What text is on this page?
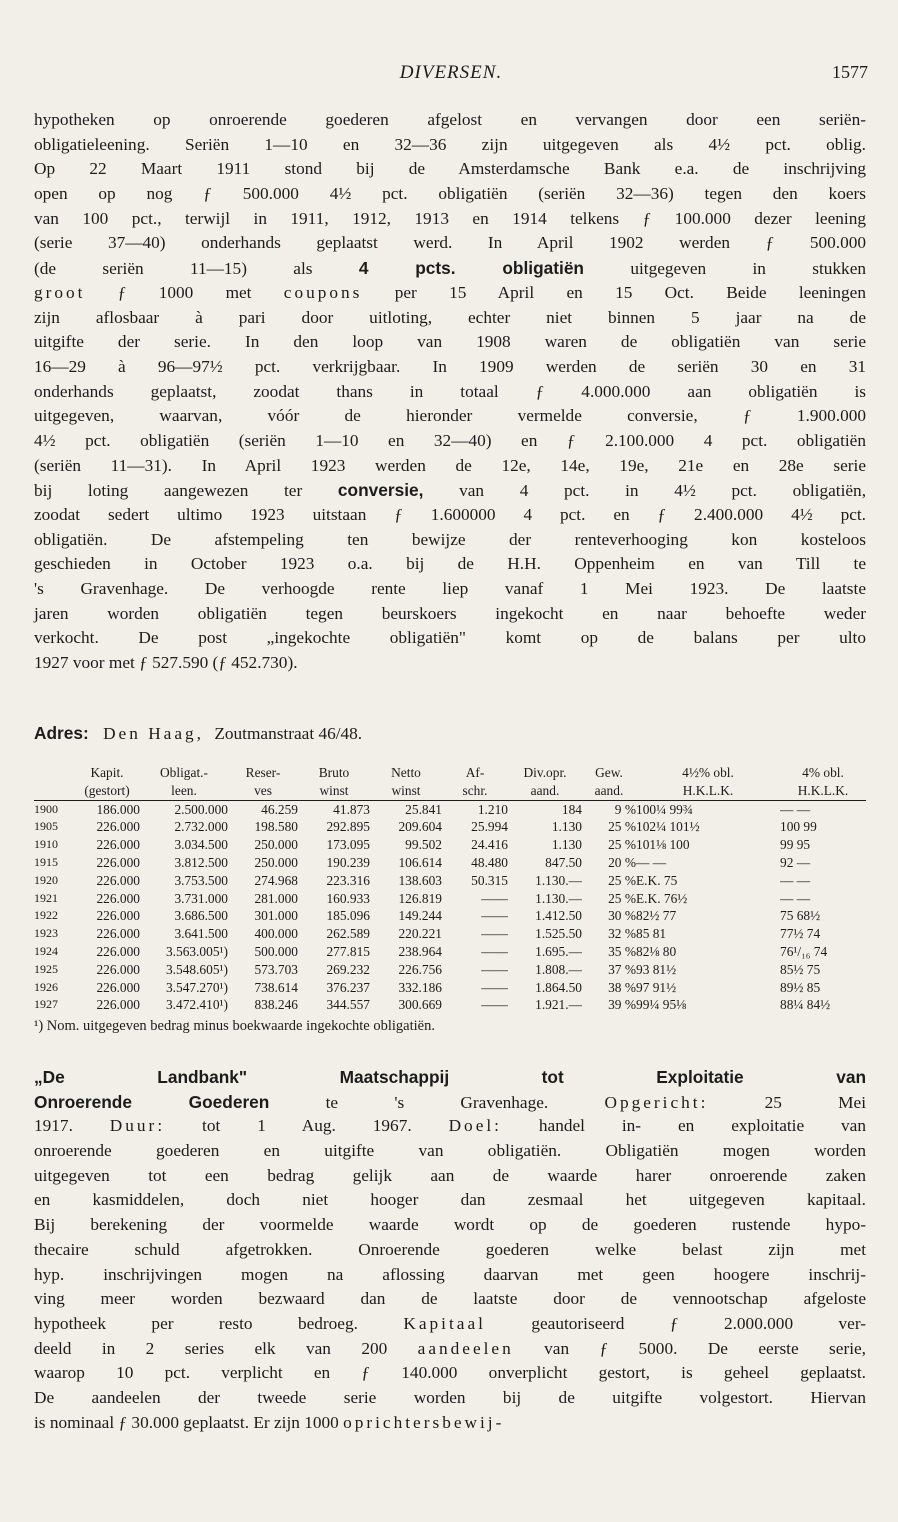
DIVERSEN.	1577
hypotheken op onroerende goederen afgelost en vervangen door een seriën-
obligatieleening. Seriën 1—10 en 32—36 zijn uitgegeven als 4½ pct. oblig.
Op 22 Maart 1911 stond bij de Amsterdamsche Bank e.a. de inschrijving
open op nog ƒ 500.000 4½ pct. obligatiën (seriën 32—36) tegen den koers
van 100 pct., terwijl in 1911, 1912, 1913 en 1914 telkens ƒ 100.000 dezer leening
(serie 37—40) onderhands geplaatst werd. In April 1902 werden ƒ 500.000
(de seriën 11—15) als 4 pcts. obligatiën uitgegeven in stukken
groot ƒ 1000 met coupons per 15 April en 15 Oct. Beide leeningen
zijn aflosbaar à pari door uitloting, echter niet binnen 5 jaar na de
uitgifte der serie. In den loop van 1908 waren de obligatiën van serie
16—29 à 96—97½ pct. verkrijgbaar. In 1909 werden de seriën 30 en 31
onderhands geplaatst, zoodat thans in totaal ƒ 4.000.000 aan obligatiën is
uitgegeven, waarvan, vóór de hieronder vermelde conversie, ƒ 1.900.000
4½ pct. obligatiën (seriën 1—10 en 32—40) en ƒ 2.100.000 4 pct. obligatiën
(seriën 11—31). In April 1923 werden de 12e, 14e, 19e, 21e en 28e serie
bij loting aangewezen ter conversie, van 4 pct. in 4½ pct. obligatiën,
zoodat sedert ultimo 1923 uitstaan ƒ 1.600000 4 pct. en ƒ 2.400.000 4½ pct.
obligatiën. De afstempeling ten bewijze der renteverhooging kon kosteloos
geschieden in October 1923 o.a. bij de H.H. Oppenheim en van Till te
's Gravenhage. De verhoogde rente liep vanaf 1 Mei 1923. De laatste
jaren worden obligatiën tegen beurskoers ingekocht en naar behoefte weder
verkocht. De post „ingekochte obligatiën" komt op de balans per ulto
1927 voor met ƒ 527.590 (ƒ 452.730).
Adres: Den Haag, Zoutmanstraat 46/48.
	Kapit.	Obligat.-	Reser-	Bruto	Netto	Af-	Div.opr.	Gew.	4½% obl.	4% obl.
	(gestort)	leen.	ves	winst	winst	schr.	aand.	aand.	H.K.L.K.	H.K.L.K.
1900	186.000	2.500.000	46.259	41.873	25.841	1.210	184	9 %	100¼ 99¾	— —
1905	226.000	2.732.000	198.580	292.895	209.604	25.994	1.130	25 %	102¼ 101½	100 99
1910	226.000	3.034.500	250.000	173.095	99.502	24.416	1.130	25 %	101⅛ 100	99 95
1915	226.000	3.812.500	250.000	190.239	106.614	48.480	847.50	20 %	— —	92 —
1920	226.000	3.753.500	274.968	223.316	138.603	50.315	1.130.—	25 %	E.K. 75	— —
1921	226.000	3.731.000	281.000	160.933	126.819	——	1.130.—	25 %	E.K. 76½	— —
1922	226.000	3.686.500	301.000	185.096	149.244	——	1.412.50	30 %	82½ 77	75 68½
1923	226.000	3.641.500	400.000	262.589	220.221	——	1.525.50	32 %	85 81	77½ 74
1924	226.000	3.563.005¹)	500.000	277.815	238.964	——	1.695.—	35 %	82⅛ 80	76¹/₁₆ 74
1925	226.000	3.548.605¹)	573.703	269.232	226.756	——	1.808.—	37 %	93 81½	85½ 75
1926	226.000	3.547.270¹)	738.614	376.237	332.186	——	1.864.50	38 %	97 91½	89½ 85
1927	226.000	3.472.410¹)	838.246	344.557	300.669	——	1.921.—	39 %	99¼ 95⅛	88¼ 84½
¹) Nom. uitgegeven bedrag minus boekwaarde ingekochte obligatiën.
„De Landbank" Maatschappij tot Exploitatie van
Onroerende Goederen te 's Gravenhage. Opgericht: 25 Mei
1917. Duur: tot 1 Aug. 1967. Doel: handel in- en exploitatie van
onroerende goederen en uitgifte van obligatiën. Obligatiën mogen worden
uitgegeven tot een bedrag gelijk aan de waarde harer onroerende zaken
en kasmiddelen, doch niet hooger dan zesmaal het uitgegeven kapitaal.
Bij berekening der voormelde waarde wordt op de goederen rustende hypo-
thecaire schuld afgetrokken. Onroerende goederen welke belast zijn met
hyp. inschrijvingen mogen na aflossing daarvan met geen hoogere inschrij-
ving meer worden bezwaard dan de laatste door de vennootschap afgeloste
hypotheek per resto bedroeg. Kapitaal geautoriseerd ƒ 2.000.000 ver-
deeld in 2 series elk van 200 aandeelen van ƒ 5000. De eerste serie,
waarop 10 pct. verplicht en ƒ 140.000 onverplicht gestort, is geheel geplaatst.
De aandeelen der tweede serie worden bij de uitgifte volgestort. Hiervan
is nominaal ƒ 30.000 geplaatst. Er zijn 1000 oprichtersbewij-
